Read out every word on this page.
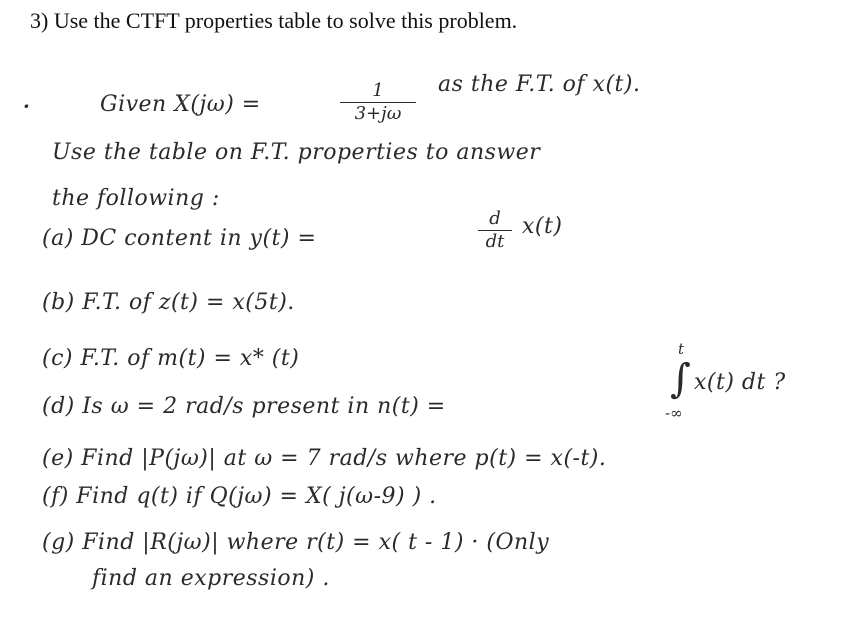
3) Use the CTFT properties table to solve this problem.
·	Given X(jω) =
1
3+jω
as the F.T. of x(t).
Use the table on F.T. properties to answer
the following :
(a) DC content in y(t) =
d
dt
x(t)
(b) F.T. of z(t) = x(5t).
(c) F.T. of m(t) = x* (t)
(d) Is ω = 2 rad/s present in n(t) =
t
∫
-∞
x(t) dt ?
(e) Find |P(jω)| at ω = 7 rad/s where p(t) = x(-t).
(f) Find q(t) if Q(jω) = X( j(ω-9) ) .
(g) Find |R(jω)| where r(t) = x( t - 1) · (Only
find an expression) .
